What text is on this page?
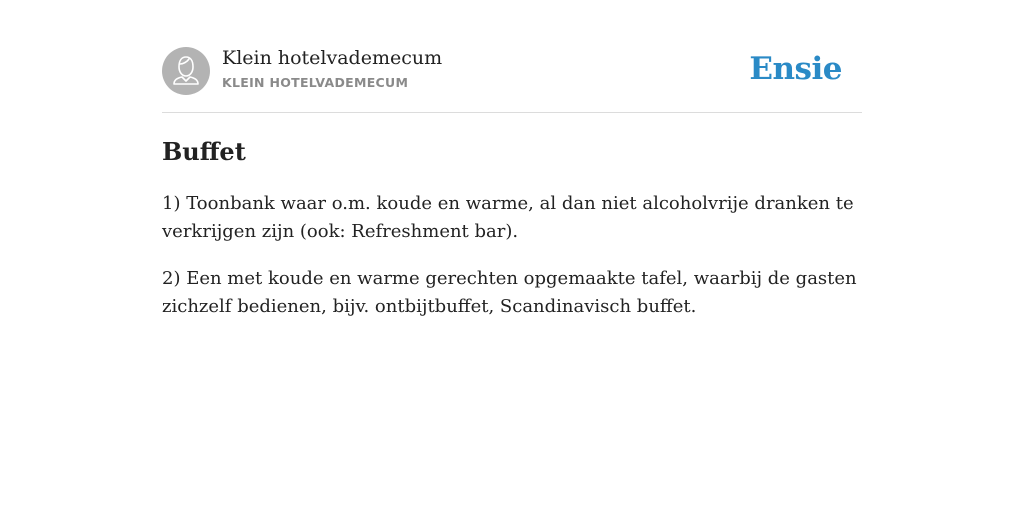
Klein hotelvademecum
KLEIN HOTELVADEMECUM	Ensie
Buffet

1) Toonbank waar o.m. koude en warme, al dan niet alcoholvrije dranken te verkrijgen zijn (ook: Refreshment bar).

2) Een met koude en warme gerechten opgemaakte tafel, waarbij de gasten zichzelf bedienen, bijv. ontbijtbuffet, Scandinavisch buffet.
